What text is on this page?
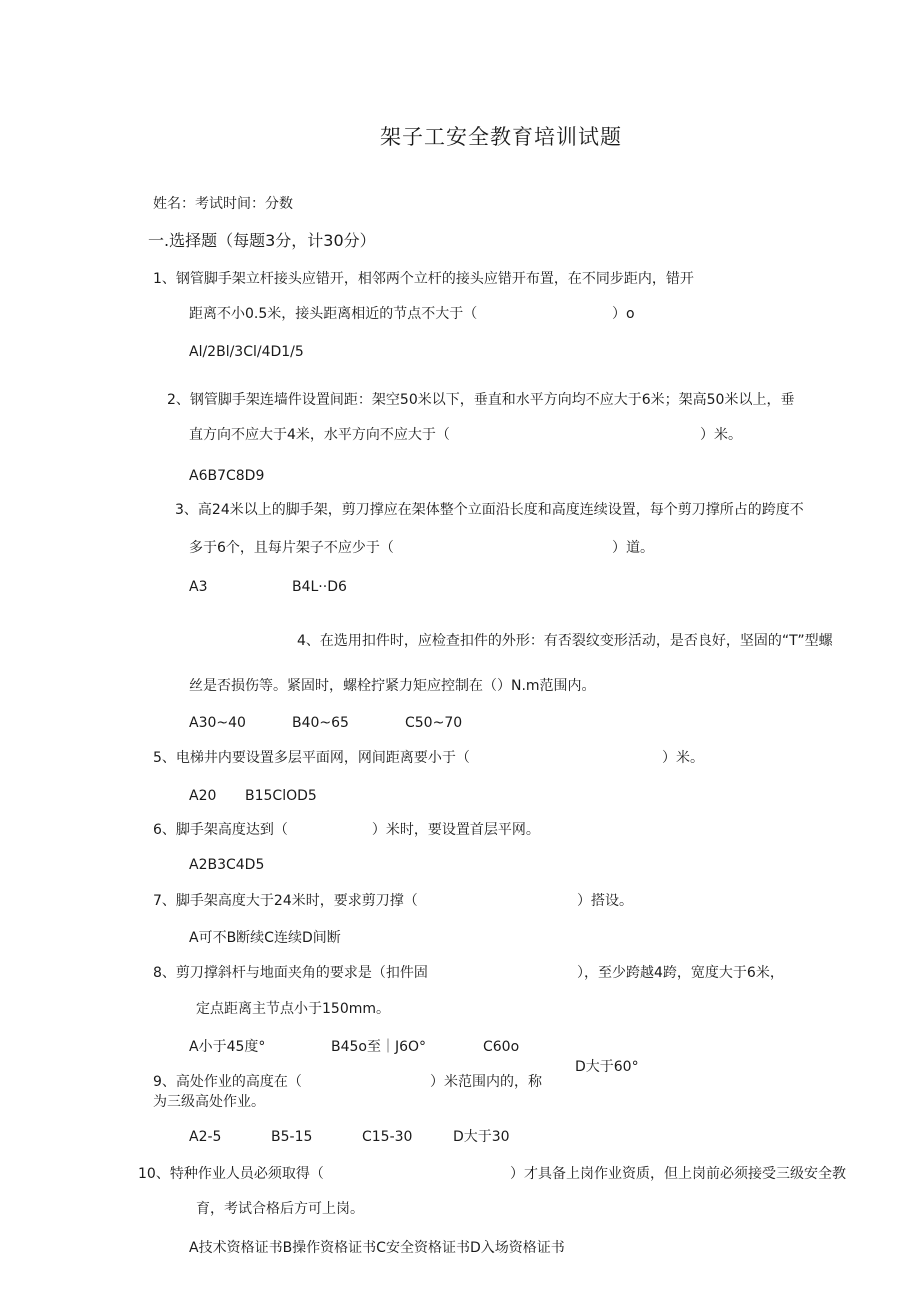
架子工安全教育培训试题
姓名：考试时间：分数
一.选择题（每题3分，计30分）
1、钢管脚手架立杆接头应错开，相邻两个立杆的接头应错开布置，在不同步距内，错开
距离不小0.5米，接头距离相近的节点不大于（	）o
Al/2Bl/3Cl/4D1/5
2、钢管脚手架连墙件设置间距：架空50米以下，垂直和水平方向均不应大于6米；架高50米以上，垂
直方向不应大于4米，水平方向不应大于（	）米。
A6B7C8D9
3、高24米以上的脚手架，剪刀撑应在架体整个立面沿长度和高度连续设置，每个剪刀撑所占的跨度不
多于6个，且每片架子不应少于（	）道。
A3	B4L··D6
4、在选用扣件时，应检查扣件的外形：有否裂纹变形活动，是否良好，坚固的“T”型螺
丝是否损伤等。紧固时，螺栓拧紧力矩应控制在（）N.m范围内。
A30~40	B40~65	C50~70
5、电梯井内要设置多层平面网，网间距离要小于（	）米。
A20 B15ClOD5
6、脚手架高度达到（　　　　　　）米时，要设置首层平网。
A2B3C4D5
7、脚手架高度大于24米时，要求剪刀撑（	）搭设。
A可不B断续C连续D间断
8、剪刀撑斜杆与地面夹角的要求是（扣件固	），至少跨越4跨，宽度大于6米，
定点距离主节点小于150mm。
A小于45度°	B45o至｜J6O°	C60o
D大于60°
9、高处作业的高度在（	）米范围内的，称
为三级高处作业。
A2-5	B5-15	C15-30	D大于30
10、特种作业人员必须取得（	）才具备上岗作业资质，但上岗前必须接受三级安全教
育，考试合格后方可上岗。
A技术资格证书B操作资格证书C安全资格证书D入场资格证书
